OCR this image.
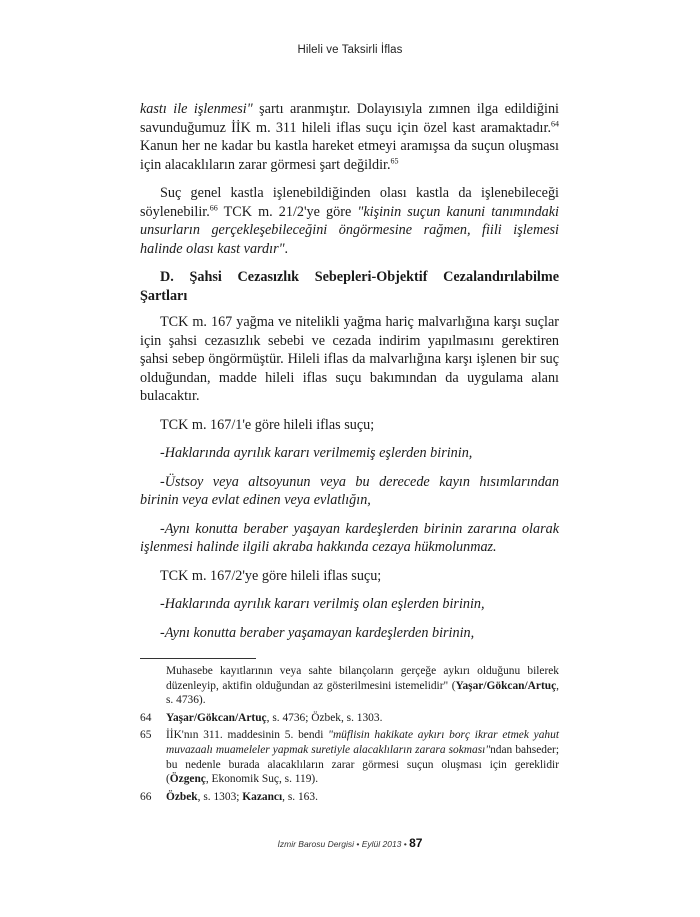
Hileli ve Taksirli İflas

kastı ile işlenmesi" şartı aranmıştır. Dolayısıyla zımnen ilga edildiğini savunduğumuz İİK m. 311 hileli iflas suçu için özel kast aramaktadır.$^{64}$ Kanun her ne kadar bu kastla hareket etmeyi aramışsa da suçun oluşması için alacaklıların zarar görmesi şart değildir.$^{65}$

Suç genel kastla işlenebildiğinden olası kastla da işlenebileceği söylenebilir.$^{66}$ TCK m. 21/2'ye göre "kişinin suçun kanuni tanımındaki unsurların gerçekleşebileceğini öngörmesine rağmen, fiili işlemesi halinde olası kast vardır".

D. Şahsi Cezasızlık Sebepleri-Objektif Cezalandırılabilme Şartları

TCK m. 167 yağma ve nitelikli yağma hariç malvarlığına karşı suçlar için şahsi cezasızlık sebebi ve cezada indirim yapılmasını gerektiren şahsi sebep öngörmüştür. Hileli iflas da malvarlığına karşı işlenen bir suç olduğundan, madde hileli iflas suçu bakımından da uygulama alanı bulacaktır.

TCK m. 167/1'e göre hileli iflas suçu;

-Haklarında ayrılık kararı verilmemiş eşlerden birinin,

-Üstsoy veya altsoyunun veya bu derecede kayın hısımlarından birinin veya evlat edinen veya evlatlığın,

-Aynı konutta beraber yaşayan kardeşlerden birinin zararına olarak işlenmesi halinde ilgili akraba hakkında cezaya hükmolunmaz.

TCK m. 167/2'ye göre hileli iflas suçu;

-Haklarında ayrılık kararı verilmiş olan eşlerden birinin,

-Aynı konutta beraber yaşamayan kardeşlerden birinin,

Muhasebe kayıtlarının veya sahte bilançoların gerçeğe aykırı olduğunu bilerek düzenleyip, aktifin olduğundan az gösterilmesini istemelidir" (Yaşar/Gökcan/Artuç, s. 4736).
64	Yaşar/Gökcan/Artuç, s. 4736; Özbek, s. 1303.
65	İİK'nın 311. maddesinin 5. bendi "müflisin hakikate aykırı borç ikrar etmek yahut muvazaalı muameleler yapmak suretiyle alacaklıların zarara sokması"ndan bahseder; bu nedenle burada alacaklıların zarar görmesi suçun oluşması için gereklidir (Özgenç, Ekonomik Suç, s. 119).
66	Özbek, s. 1303; Kazancı, s. 163.
İzmir Barosu Dergisi • Eylül 2013 • 87
